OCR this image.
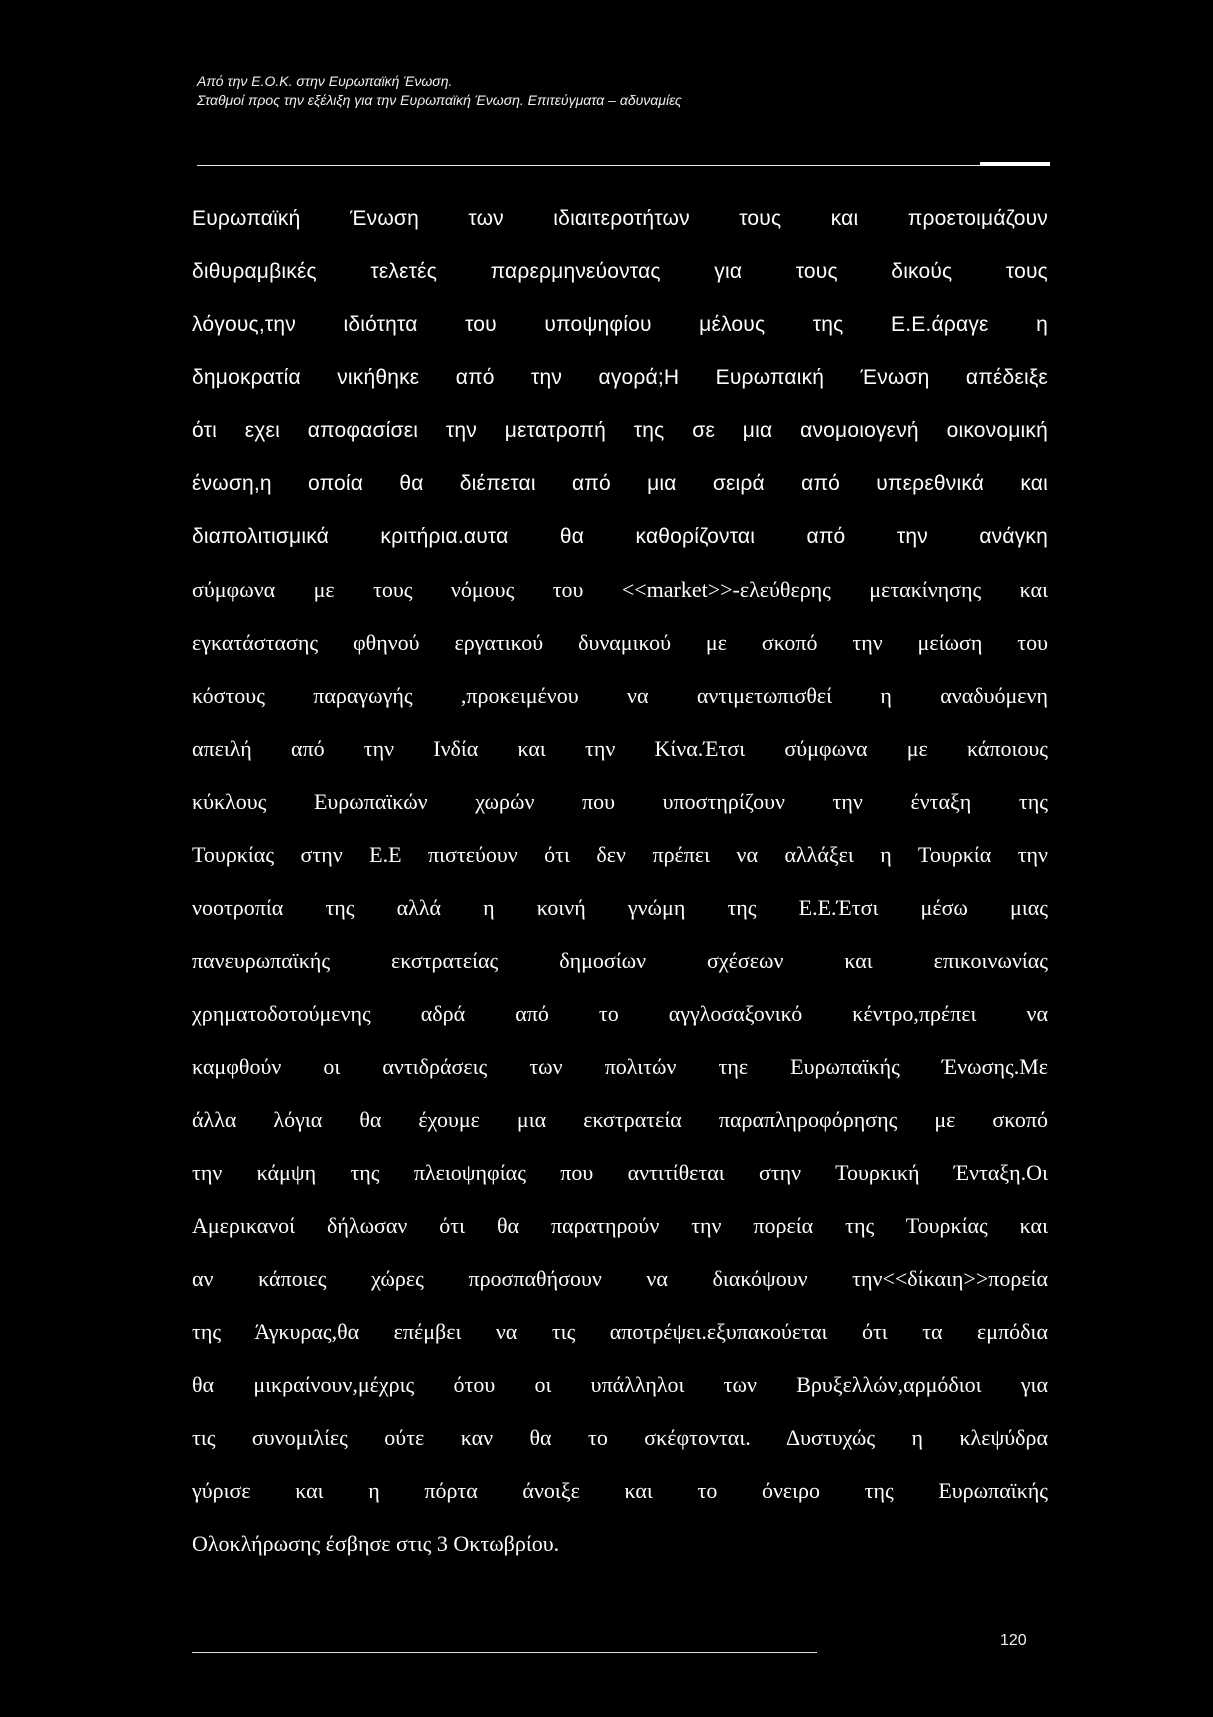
Από την Ε.Ο.Κ. στην Ευρωπαϊκή Ένωση.
Σταθμοί προς την εξέλιξη για την Ευρωπαϊκή Ένωση. Επιτεύγματα – αδυναμίες
Ευρωπαϊκή Ένωση των ιδιαιτεροτήτων τους και προετοιμάζουν
διθυραμβικές τελετές παρερμηνεύοντας για τους δικούς τους
λόγους,την ιδιότητα του υποψηφίου μέλους της Ε.Ε.άραγε η
δημοκρατία νικήθηκε από την αγορά;Η Ευρωπαική Ένωση απέδειξε
ότι εχει αποφασίσει την μετατροπή της σε μια ανομοιογενή οικονομική
ένωση,η οποία θα διέπεται από μια σειρά από υπερεθνικά και
διαπολιτισμικά κριτήρια.αυτα θα καθορίζονται από την ανάγκη
σύμφωνα με τους νόμους του <<market>>-ελεύθερης μετακίνησης και
εγκατάστασης φθηνού εργατικού δυναμικού με σκοπό την μείωση του
κόστους παραγωγής ,προκειμένου να αντιμετωπισθεί η αναδυόμενη
απειλή από την Ινδία και την Κίνα.Έτσι σύμφωνα με κάποιους
κύκλους Ευρωπαϊκών χωρών που υποστηρίζουν την ένταξη της
Τουρκίας στην Ε.Ε πιστεύουν ότι δεν πρέπει να αλλάξει η Τουρκία την
νοοτροπία της αλλά η κοινή γνώμη της Ε.Ε.Έτσι μέσω μιας
πανευρωπαϊκής εκστρατείας δημοσίων σχέσεων και επικοινωνίας
χρηματοδοτούμενης αδρά από το αγγλοσαξονικό κέντρο,πρέπει να
καμφθούν οι αντιδράσεις των πολιτών τηε Ευρωπαϊκής Ένωσης.Με
άλλα λόγια θα έχουμε μια εκστρατεία παραπληροφόρησης με σκοπό
την κάμψη της πλειοψηφίας που αντιτίθεται στην Τουρκική Ένταξη.Οι
Αμερικανοί δήλωσαν ότι θα παρατηρούν την πορεία της Τουρκίας και
αν κάποιες χώρες προσπαθήσουν να διακόψουν την<<δίκαιη>>πορεία
της Άγκυρας,θα επέμβει να τις αποτρέψει.εξυπακούεται ότι τα εμπόδια
θα μικραίνουν,μέχρις ότου οι υπάλληλοι των Βρυξελλών,αρμόδιοι για
τις συνομιλίες ούτε καν θα το σκέφτονται. Δυστυχώς η κλεψύδρα
γύρισε και η πόρτα άνοιξε και το όνειρο της Ευρωπαϊκής
Ολοκλήρωσης έσβησε στις 3 Οκτωβρίου.
120
